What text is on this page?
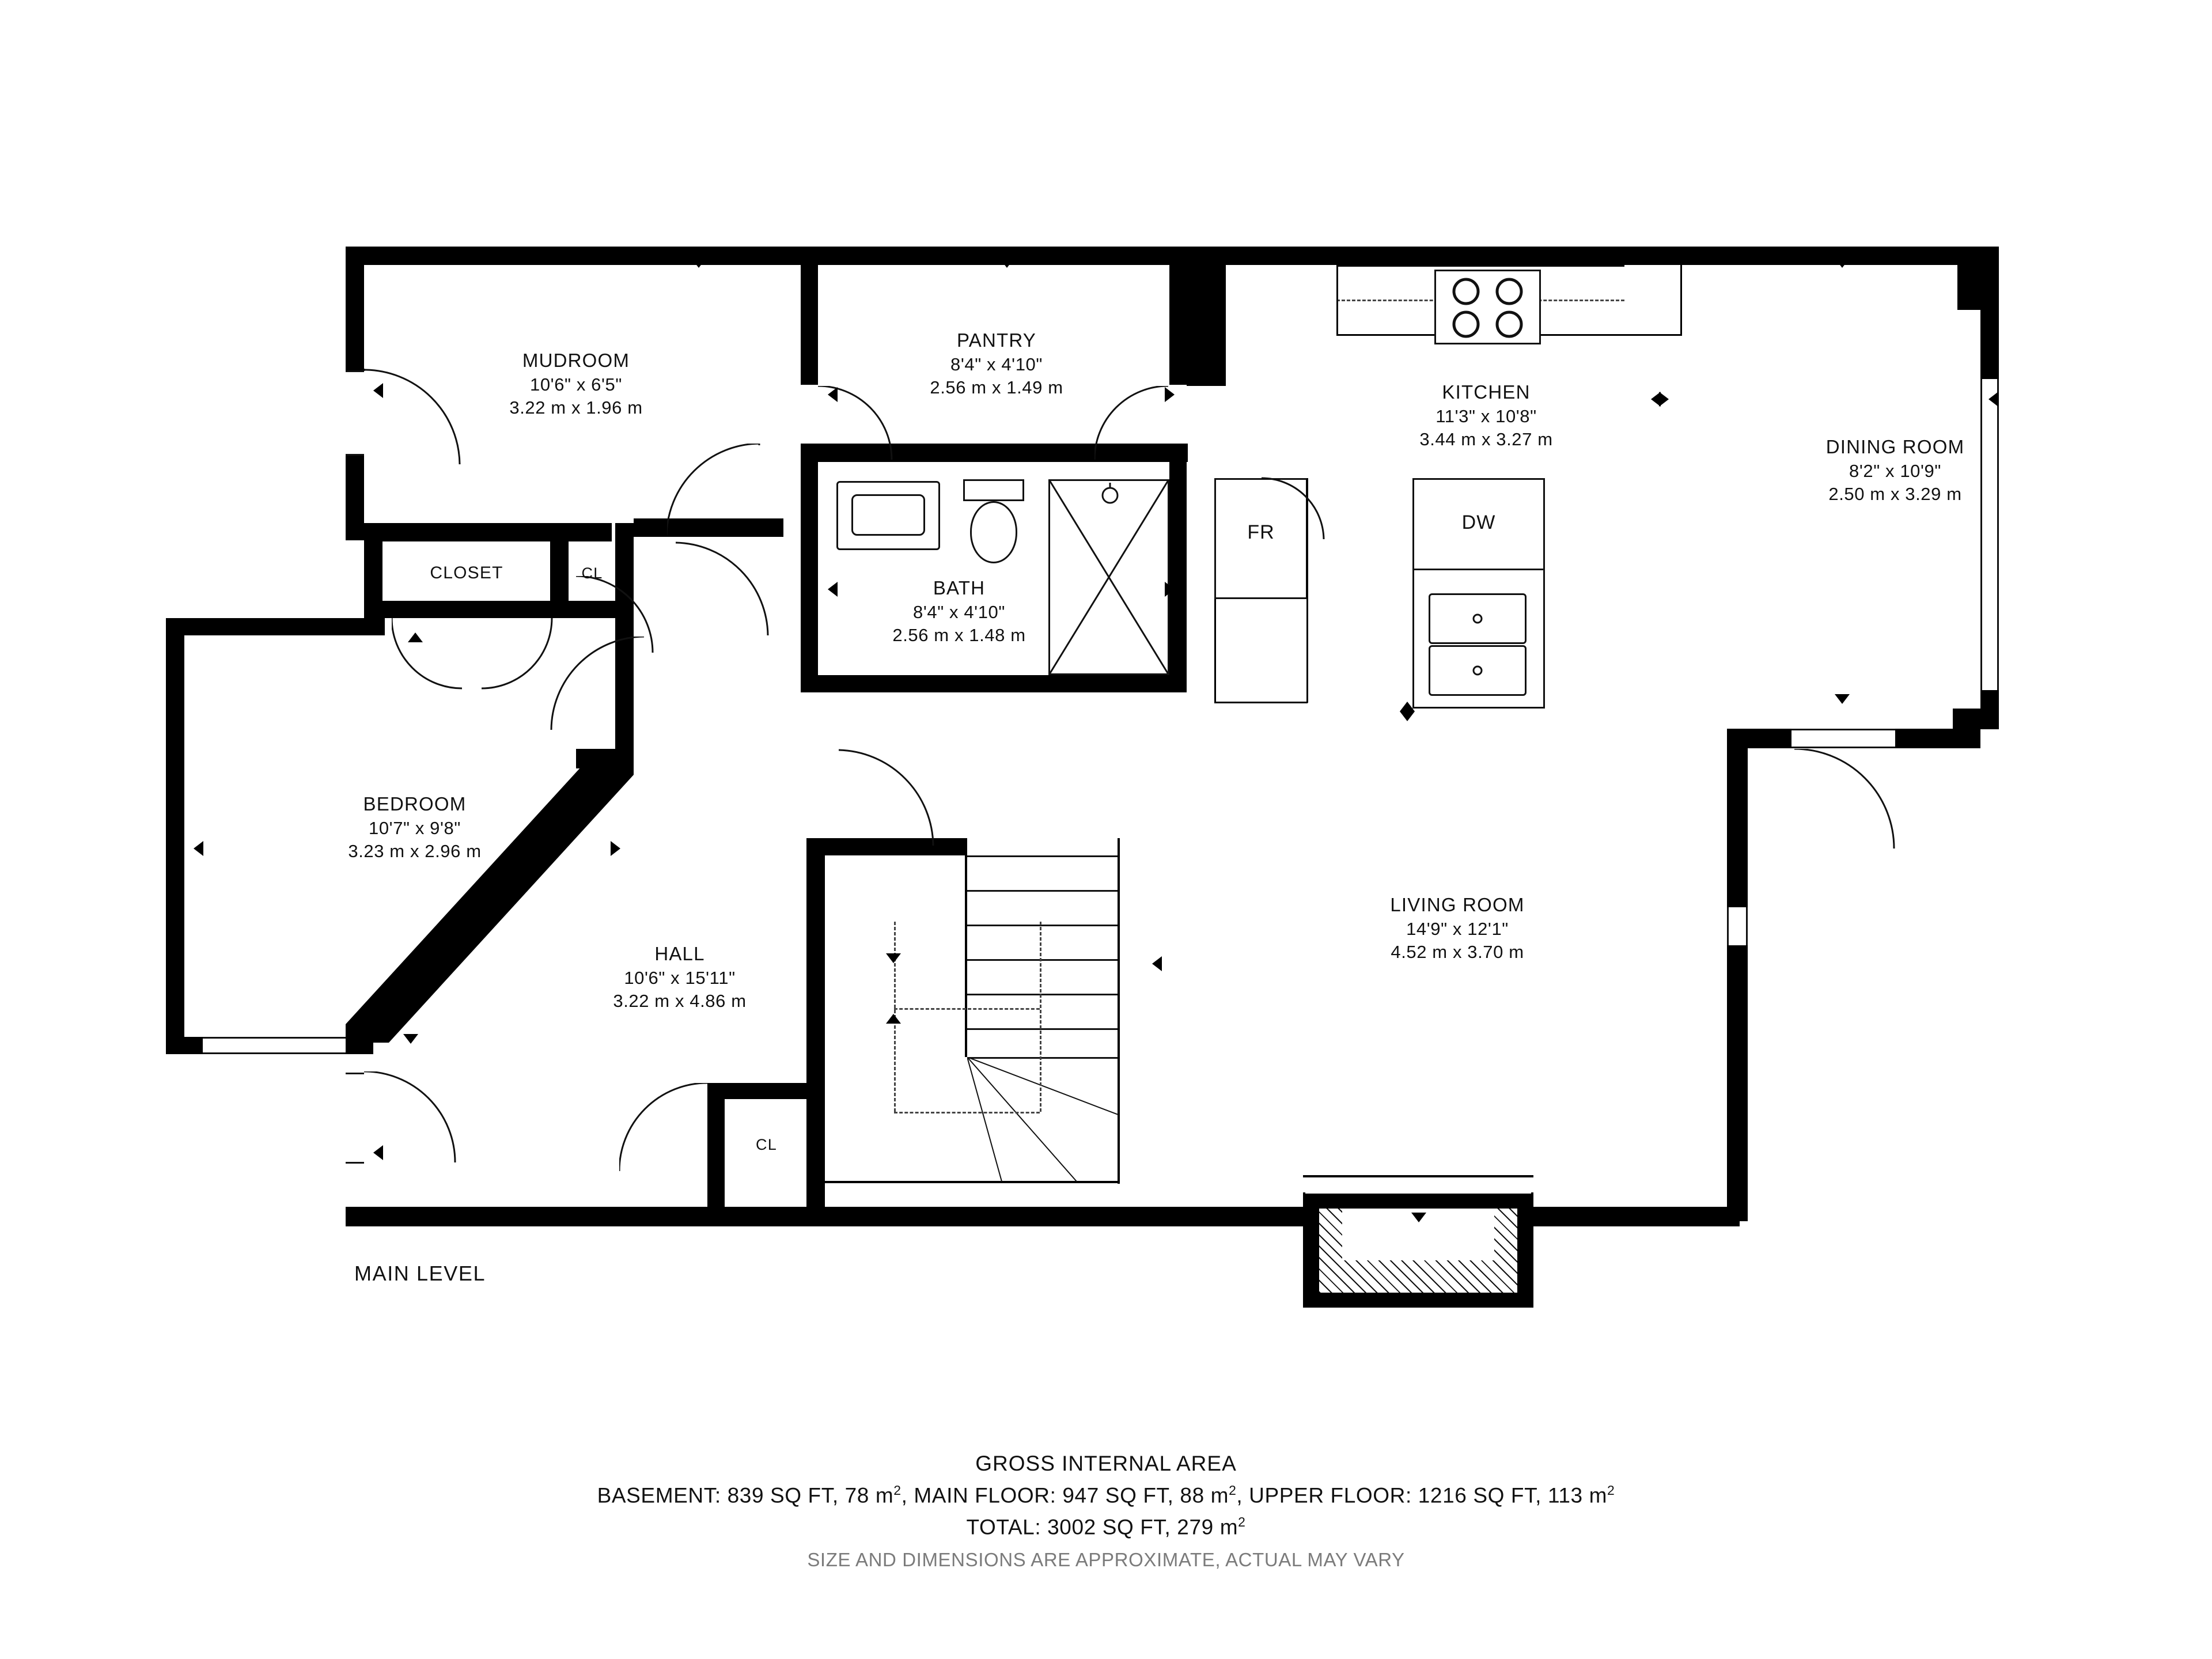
FR	DW
MUDROOM
10'6" x 6'5"
3.22 m x 1.96 m
PANTRY
8'4" x 4'10"
2.56 m x 1.49 m	KITCHEN
11'3" x 10'8"
3.44 m x 3.27 m	DINING ROOM
8'2" x 10'9"
2.50 m x 3.29 m
BATH
8'4" x 4'10"
2.56 m x 1.48 m
BEDROOM
10'7" x 9'8"
3.23 m x 2.96 m
HALL
10'6" x 15'11"
3.22 m x 4.86 m
LIVING ROOM
14'9" x 12'1"
4.52 m x 3.70 m
CLOSET	CL
CL
MAIN LEVEL
GROSS INTERNAL AREA
BASEMENT: 839 SQ FT, 78 $m^2$, MAIN FLOOR: 947 SQ FT, 88 $m^2$, UPPER FLOOR: 1216 SQ FT, 113 $m^2$
TOTAL: 3002 SQ FT, 279 $m^2$
SIZE AND DIMENSIONS ARE APPROXIMATE, ACTUAL MAY VARY
